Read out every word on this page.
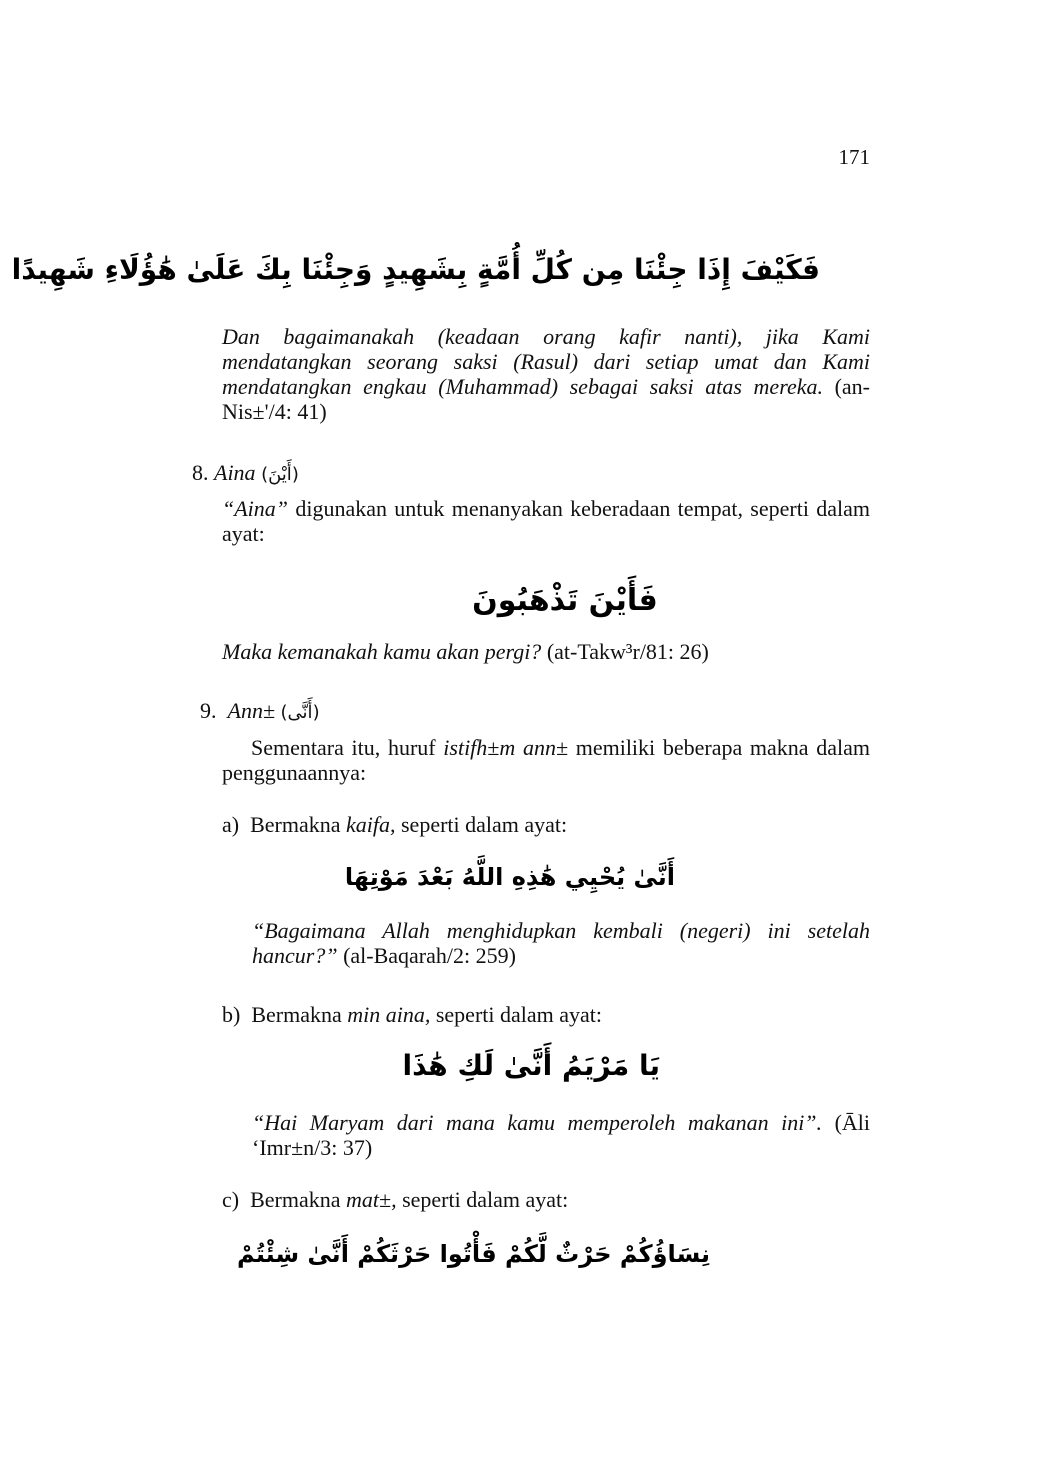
171
فَكَيْفَ إِذَا جِئْنَا مِن كُلِّ أُمَّةٍ بِشَهِيدٍ وَجِئْنَا بِكَ عَلَىٰ هَٰؤُلَاءِ شَهِيدًا
Dan bagaimanakah (keadaan orang kafir nanti), jika Kami mendatangkan seorang saksi (Rasul) dari setiap umat dan Kami mendatangkan engkau (Muhammad) sebagai saksi atas mereka. (an-Nis±'/4: 41)
8. Aina (أَيْنَ)
“Aina” digunakan untuk menanyakan keberadaan tempat, seperti dalam ayat:
فَأَيْنَ تَذْهَبُونَ
Maka kemanakah kamu akan pergi? (at-Takw³r/81: 26)
9. Ann± (أَنَّى)
Sementara itu, huruf istifh±m ann± memiliki beberapa makna dalam penggunaannya:
a) Bermakna kaifa, seperti dalam ayat:
أَنَّىٰ يُحْيِي هَٰذِهِ اللَّهُ بَعْدَ مَوْتِهَا
“Bagaimana Allah menghidupkan kembali (negeri) ini setelah hancur?” (al-Baqarah/2: 259)
b) Bermakna min aina, seperti dalam ayat:
يَا مَرْيَمُ أَنَّىٰ لَكِ هَٰذَا
“Hai Maryam dari mana kamu memperoleh makanan ini”. (Āli ‘Imr±n/3: 37)
c) Bermakna mat±, seperti dalam ayat:
نِسَاؤُكُمْ حَرْثٌ لَّكُمْ فَأْتُوا حَرْثَكُمْ أَنَّىٰ شِئْتُمْ
